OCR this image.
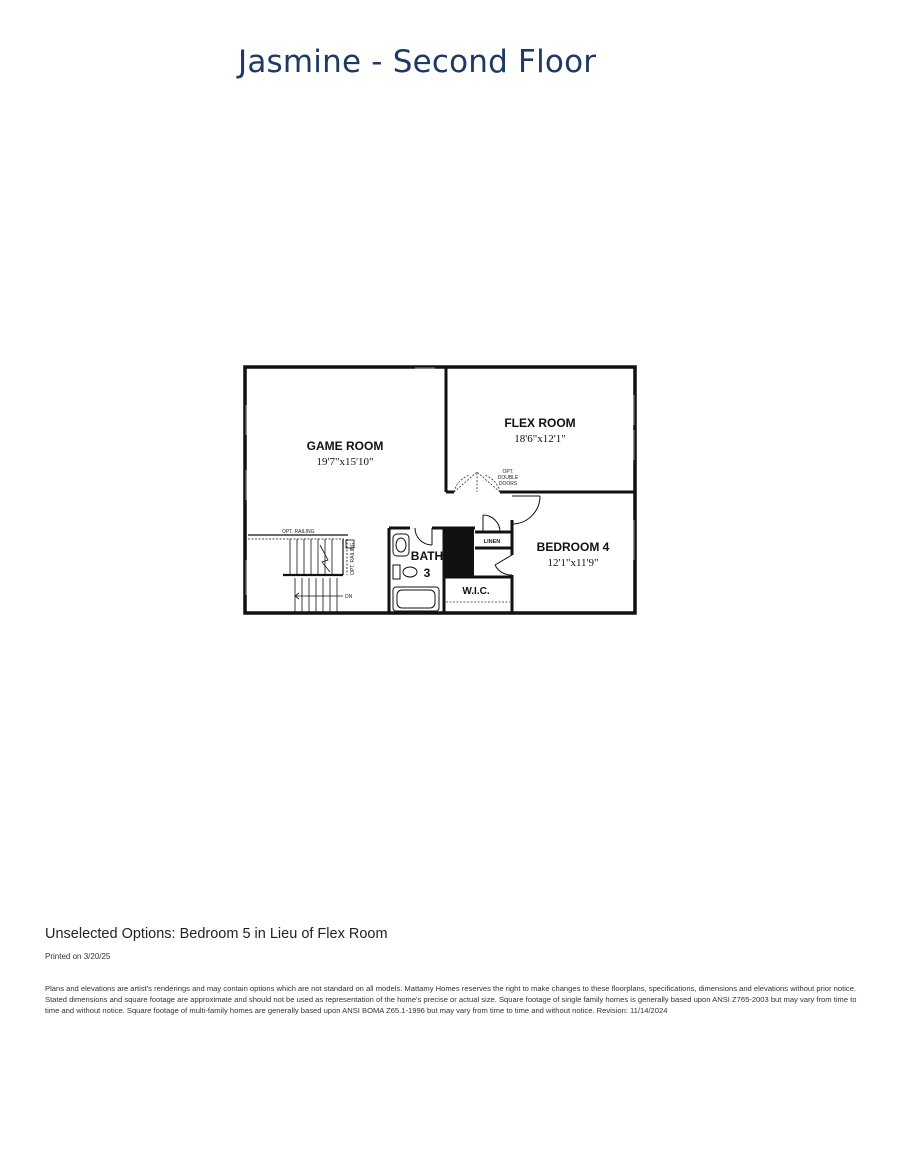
Jasmine - Second Floor
GAME ROOM
19'7"x15'10"
FLEX ROOM
18'6"x12'1"
BEDROOM 4
12'1"x11'9"
BATH
3
W.I.C.
LINEN
OPT. RAILING
OPT. RAILING
DN
OPT.
DOUBLE
DOORS
Unselected Options: Bedroom 5 in Lieu of Flex Room
Printed on 3/20/25
Plans and elevations are artist's renderings and may contain options which are not standard on all models. Mattamy Homes reserves the right to make changes to these floorplans, specifications, dimensions and elevations without prior notice. Stated dimensions and square footage are approximate and should not be used as representation of the home's precise or actual size. Square footage of single family homes is generally based upon ANSI Z765-2003 but may vary from time to time and without notice. Square footage of multi-family homes are generally based upon ANSI BOMA Z65.1-1996 but may vary from time to time and without notice. Revision: 11/14/2024
